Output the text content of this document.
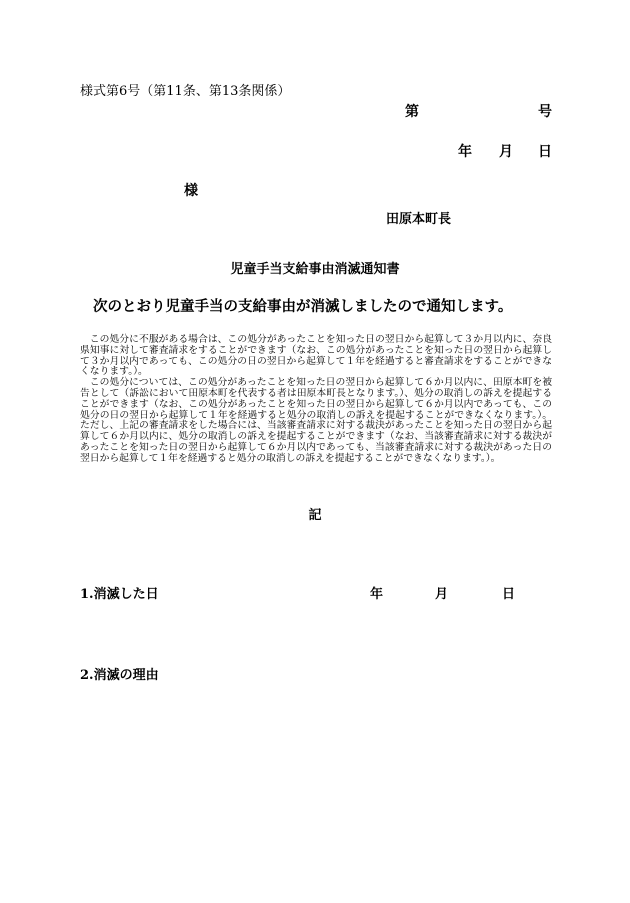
様式第6号（第11条、第13条関係）
第	号
年 月 日
様
田原本町長
児童手当支給事由消滅通知書
次のとおり児童手当の支給事由が消滅しましたので通知します。

この処分に不服がある場合は、この処分があったことを知った日の翌日から起算して３か月以内に、奈良県知事に対して審査請求をすることができます（なお、この処分があったことを知った日の翌日から起算して３か月以内であっても、この処分の日の翌日から起算して１年を経過すると審査請求をすることができなくなります。）。

この処分については、この処分があったことを知った日の翌日から起算して６か月以内に、田原本町を被告として（訴訟において田原本町を代表する者は田原本町長となります。）、処分の取消しの訴えを提起することができます（なお、この処分があったことを知った日の翌日から起算して６か月以内であっても、この処分の日の翌日から起算して１年を経過すると処分の取消しの訴えを提起することができなくなります。）。ただし、上記の審査請求をした場合には、当該審査請求に対する裁決があったことを知った日の翌日から起算して６か月以内に、処分の取消しの訴えを提起することができます（なお、当該審査請求に対する裁決があったことを知った日の翌日から起算して６か月以内であっても、当該審査請求に対する裁決があった日の翌日から起算して１年を経過すると処分の取消しの訴えを提起することができなくなります。）。

記
1.消滅した日	年	月	日
2.消滅の理由
